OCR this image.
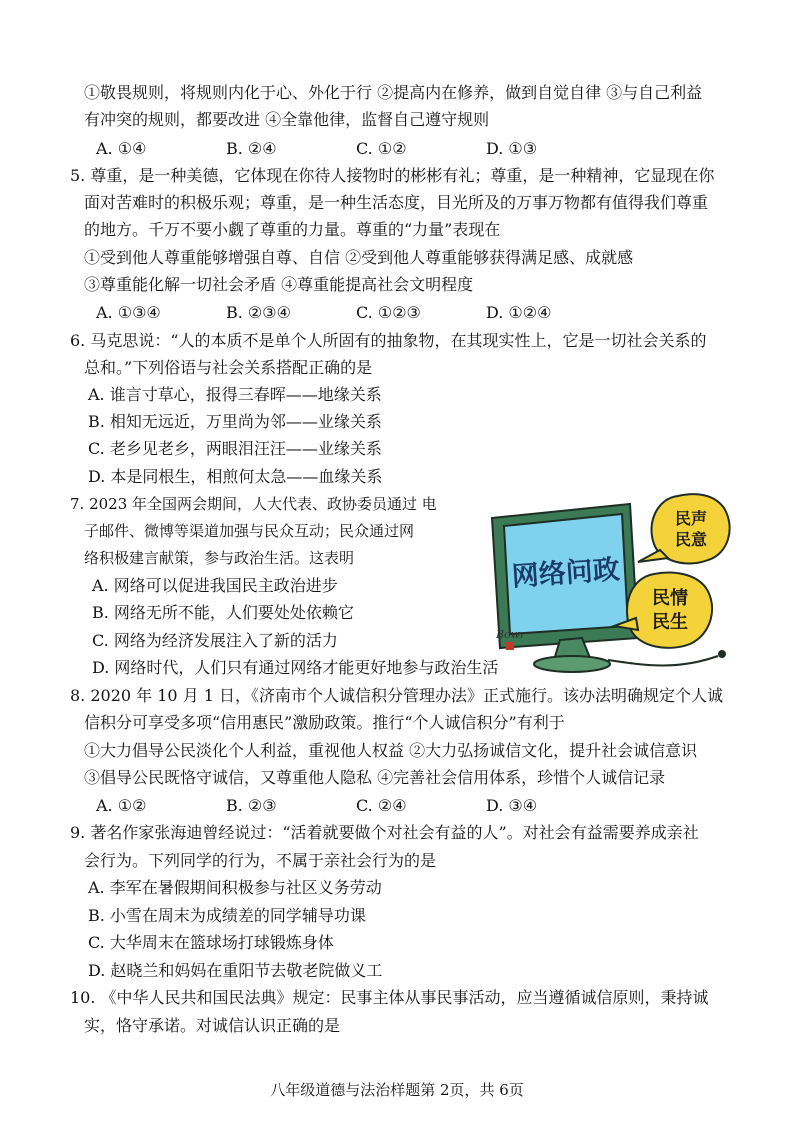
①敬畏规则，将规则内化于心、外化于行 ②提高内在修养，做到自觉自律 ③与自己利益
有冲突的规则，都要改进 ④全靠他律，监督自己遵守规则
A. ①④	B. ②④	C. ①②	D. ①③
5. 尊重，是一种美德，它体现在你待人接物时的彬彬有礼；尊重，是一种精神，它显现在你
面对苦难时的积极乐观；尊重，是一种生活态度，目光所及的万事万物都有值得我们尊重
的地方。千万不要小觑了尊重的力量。尊重的“力量”表现在
①受到他人尊重能够增强自尊、自信 ②受到他人尊重能够获得满足感、成就感
③尊重能化解一切社会矛盾 ④尊重能提高社会文明程度
A. ①③④	B. ②③④	C. ①②③	D. ①②④
6. 马克思说：“人的本质不是单个人所固有的抽象物，在其现实性上，它是一切社会关系的
总和。”下列俗语与社会关系搭配正确的是
A. 谁言寸草心，报得三春晖——地缘关系
B. 相知无远近，万里尚为邻——业缘关系
C. 老乡见老乡，两眼泪汪汪——业缘关系
D. 本是同根生，相煎何太急——血缘关系
7. 2023 年全国两会期间，人大代表、政协委员通过 电
子邮件、微博等渠道加强与民众互动；民众通过网
络积极建言献策，参与政治生活。这表明
A. 网络可以促进我国民主政治进步
B. 网络无所不能，人们要处处依赖它
C. 网络为经济发展注入了新的活力
D. 网络时代，人们只有通过网络才能更好地参与政治生活
网络问政
Bowr
民声
民意
民情
民生
8. 2020 年 10 月 1 日，《济南市个人诚信积分管理办法》正式施行。该办法明确规定个人诚
信积分可享受多项“信用惠民”激励政策。推行“个人诚信积分”有利于
①大力倡导公民淡化个人利益，重视他人权益 ②大力弘扬诚信文化，提升社会诚信意识
③倡导公民既恪守诚信，又尊重他人隐私 ④完善社会信用体系，珍惜个人诚信记录
A. ①②	B. ②③	C. ②④	D. ③④
9. 著名作家张海迪曾经说过：“活着就要做个对社会有益的人”。对社会有益需要养成亲社
会行为。下列同学的行为，不属于亲社会行为的是
A. 李军在暑假期间积极参与社区义务劳动
B. 小雪在周末为成绩差的同学辅导功课
C. 大华周末在篮球场打球锻炼身体
D. 赵晓兰和妈妈在重阳节去敬老院做义工
10. 《中华人民共和国民法典》规定：民事主体从事民事活动，应当遵循诚信原则，秉持诚
实，恪守承诺。对诚信认识正确的是
八年级道德与法治样题第 2页，共 6页
